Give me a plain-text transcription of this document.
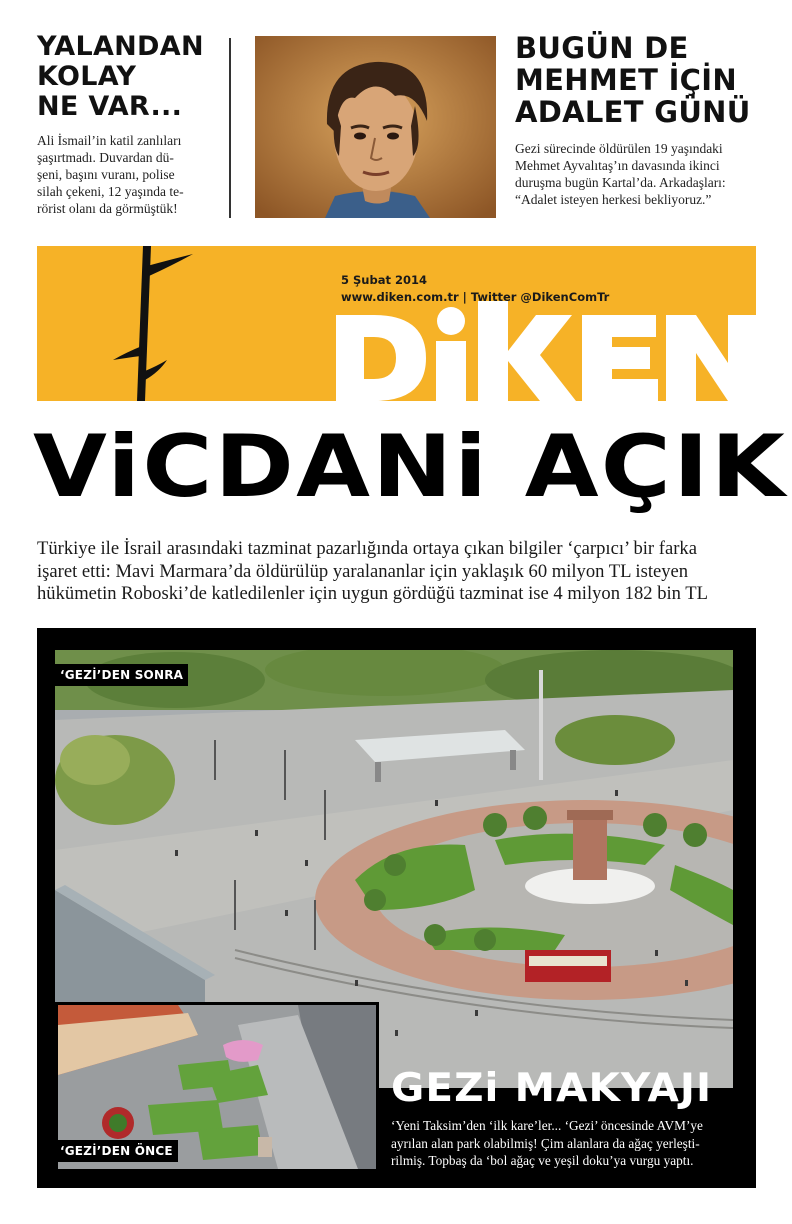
YALANDAN
KOLAY
NE VAR...
Ali İsmail’in katil zanlıları
şaşırtmadı. Duvardan dü-
şeni, başını vuranı, polise
silah çekeni, 12 yaşında te-
rörist olanı da görmüştük!
BUGÜN DE
MEHMET İÇİN
ADALET GÜNÜ
Gezi sürecinde öldürülen 19 yaşındaki
Mehmet Ayvalıtaş’ın davasında ikinci
duruşma bugün Kartal’da. Arkadaşları:
“Adalet isteyen herkesi bekliyoruz.”
5 Şubat 2014
www.diken.com.tr | Twitter @DikenComTr
ViCDANi AÇIK
Türkiye ile İsrail arasındaki tazminat pazarlığında ortaya çıkan bilgiler ‘çarpıcı’ bir farka
işaret etti: Mavi Marmara’da öldürülüp yaralananlar için yaklaşık 60 milyon TL isteyen
hükümetin Roboski’de katledilenler için uygun gördüğü tazminat ise 4 milyon 182 bin TL
‘GEZİ’DEN SONRA
‘GEZİ’DEN ÖNCE
GEZi MAKYAJI
‘Yeni Taksim’den ‘ilk kare’ler... ‘Gezi’ öncesinde AVM’ye
ayrılan alan park olabilmiş! Çim alanlara da ağaç yerleşti-
rilmiş. Topbaş da ‘bol ağaç ve yeşil doku’ya vurgu yaptı.
